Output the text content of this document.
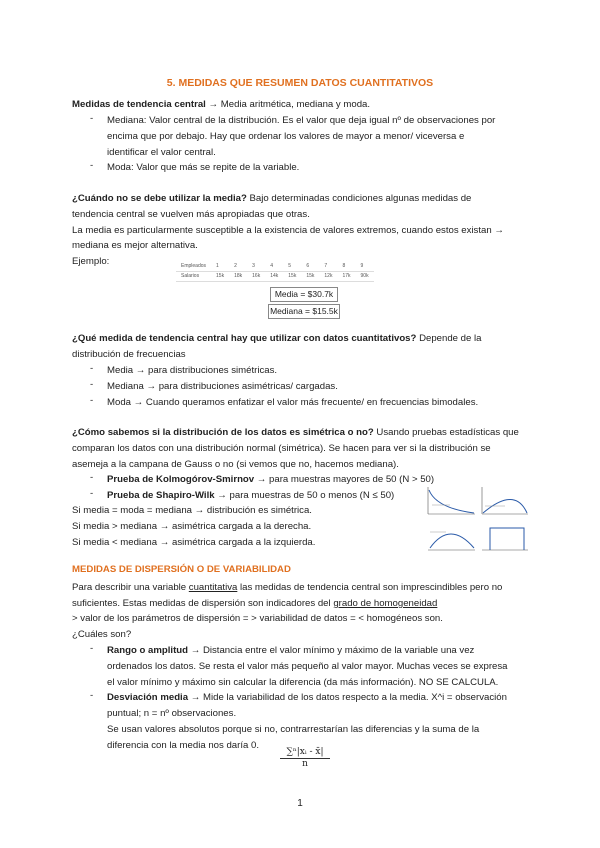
5. MEDIDAS QUE RESUMEN DATOS CUANTITATIVOS
Medidas de tendencia central → Media aritmética, mediana y moda.
- Mediana: Valor central de la distribución. Es el valor que deja igual nº de observaciones por
encima que por debajo. Hay que ordenar los valores de mayor a menor/ viceversa e
identificar el valor central.
- Moda: Valor que más se repite de la variable.
¿Cuándo no se debe utilizar la media? Bajo determinadas condiciones algunas medidas de
tendencia central se vuelven más apropiadas que otras.
La media es particularmente susceptible a la existencia de valores extremos, cuando estos existan →
mediana es mejor alternativa.
Ejemplo:	Empleados	1	2	3	4	5	6	7	8	9
Salarios	15k	18k	16k	14k	15k	15k	12k	17k	90k
Media = $30.7k
Mediana = $15.5k
¿Qué medida de tendencia central hay que utilizar con datos cuantitativos? Depende de la
distribución de frecuencias
- Media → para distribuciones simétricas.
- Mediana → para distribuciones asimétricas/ cargadas.
- Moda → Cuando queramos enfatizar el valor más frecuente/ en frecuencias bimodales.
¿Cómo sabemos si la distribución de los datos es simétrica o no? Usando pruebas estadísticas que
comparan los datos con una distribución normal (simétrica). Se hacen para ver si la distribución se
asemeja a la campana de Gauss o no (si vemos que no, hacemos mediana).
- Prueba de Kolmogórov-Smirnov → para muestras mayores de 50 (N > 50)
- Prueba de Shapiro-Wilk → para muestras de 50 o menos (N ≤ 50)
Si media = moda = mediana → distribución es simétrica.
Si media > mediana → asimétrica cargada a la derecha.
Si media < mediana → asimétrica cargada a la izquierda.
MEDIDAS DE DISPERSIÓN O DE VARIABILIDAD
Para describir una variable cuantitativa las medidas de tendencia central son imprescindibles pero no
suficientes. Estas medidas de dispersión son indicadores del grado de homogeneidad
> valor de los parámetros de dispersión = > variabilidad de datos = < homogéneos son.
¿Cuáles son?
- Rango o amplitud → Distancia entre el valor mínimo y máximo de la variable una vez
ordenados los datos. Se resta el valor más pequeño al valor mayor. Muchas veces se expresa
el valor mínimo y máximo sin calcular la diferencia (da más información). NO SE CALCULA.
- Desviación media → Mide la variabilidad de los datos respecto a la media. X^i = observación
puntual; n = nº observaciones.
Se usan valores absolutos porque si no, contrarrestarían las diferencias y la suma de la
diferencia con la media nos daría 0.
$\frac{\text{∑ⁿ|xᵢ - x̄|}}{n}$
1
